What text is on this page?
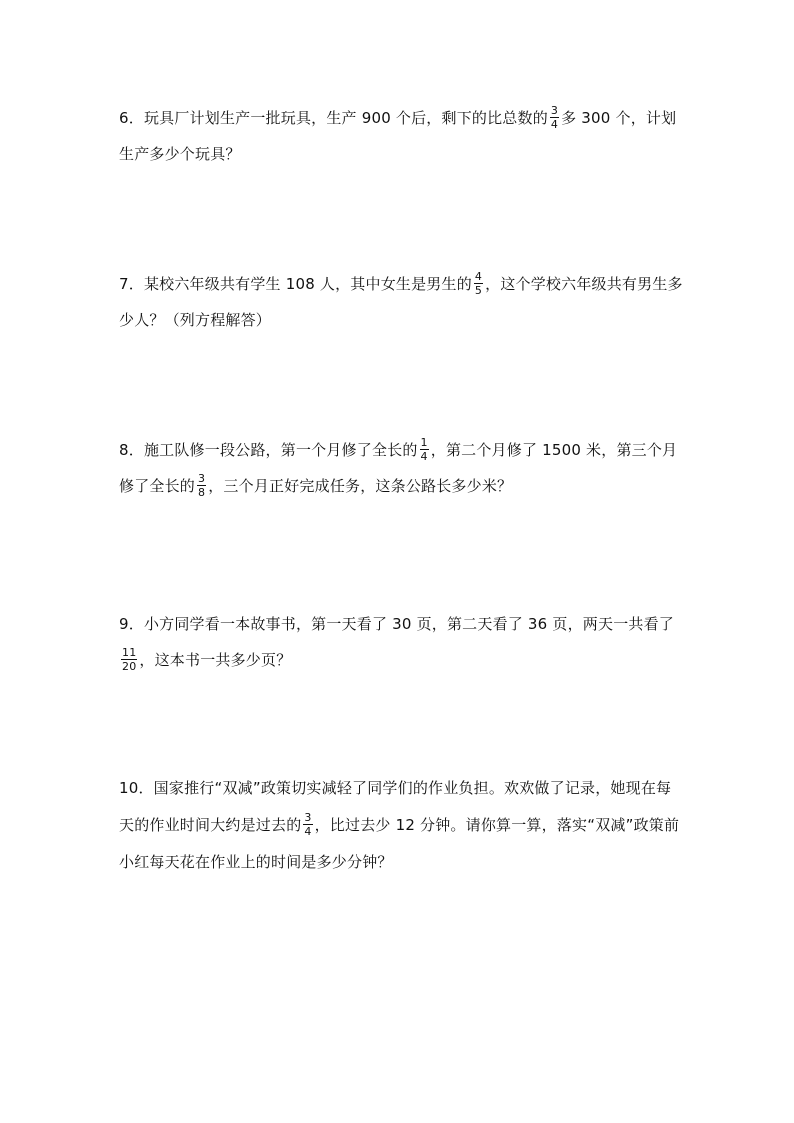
6．玩具厂计划生产一批玩具，生产 900 个后，剩下的比总数的 $\frac{3}{4}$ 多 300 个，计划生产多少个玩具？
7．某校六年级共有学生 108 人，其中女生是男生的 $\frac{4}{5}$ ，这个学校六年级共有男生多少人？（列方程解答）
8．施工队修一段公路，第一个月修了全长的 $\frac{1}{4}$ ，第二个月修了 1500 米，第三个月修了全长的 $\frac{3}{8}$ ，三个月正好完成任务，这条公路长多少米？
9．小方同学看一本故事书，第一天看了 30 页，第二天看了 36 页，两天一共看了
$\frac{11}{20}$ ，这本书一共多少页？
10．国家推行“双减”政策切实减轻了同学们的作业负担。欢欢做了记录，她现在每天的作业时间大约是过去的 $\frac{3}{4}$ ，比过去少 12 分钟。请你算一算，落实“双减”政策前小红每天花在作业上的时间是多少分钟？
